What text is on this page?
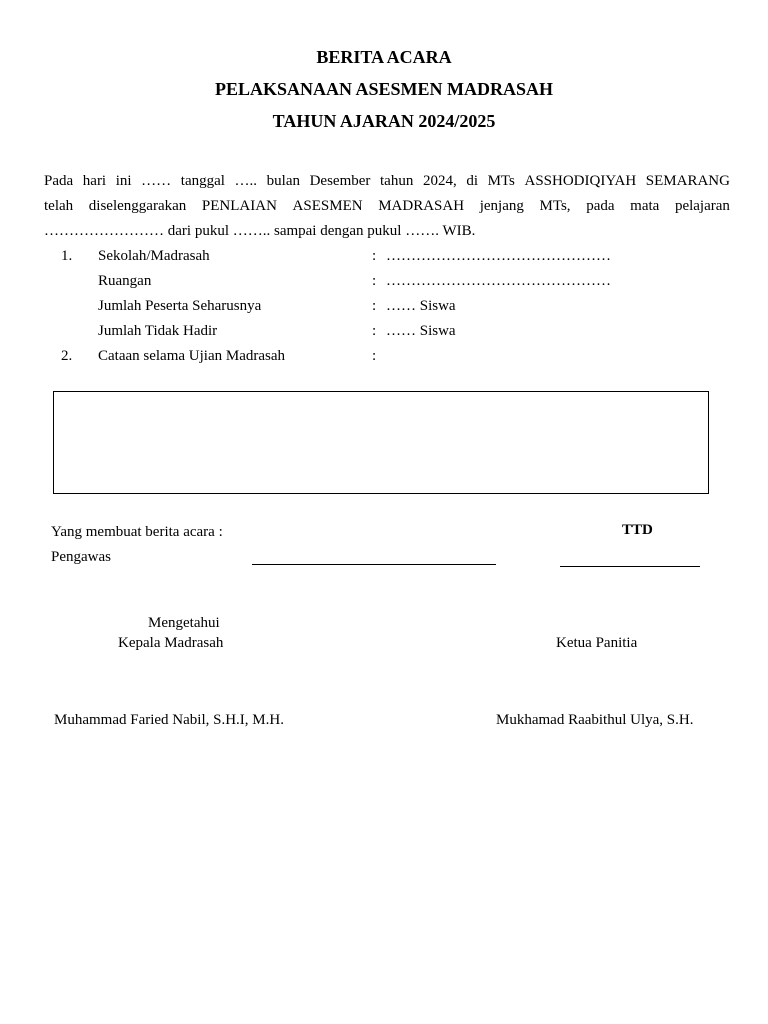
BERITA ACARA
PELAKSANAAN ASESMEN MADRASAH
TAHUN AJARAN 2024/2025
Pada hari ini …… tanggal ….. bulan Desember tahun 2024, di MTs ASSHODIQIYAH SEMARANG
telah diselenggarakan PENLAIAN ASESMEN MADRASAH jenjang MTs, pada mata pelajaran
…………………… dari pukul …….. sampai dengan pukul ……. WIB.
1. Sekolah/Madrasah	: ………………………………………
Ruangan	: ………………………………………
Jumlah Peserta Seharusnya	: …… Siswa
Jumlah Tidak Hadir	: …… Siswa
2. Cataan selama Ujian Madrasah	:
Yang membuat berita acara :	TTD
Pengawas
Mengetahui
Kepala Madrasah	Ketua Panitia
Muhammad Faried Nabil, S.H.I, M.H.	Mukhamad Raabithul Ulya, S.H.
